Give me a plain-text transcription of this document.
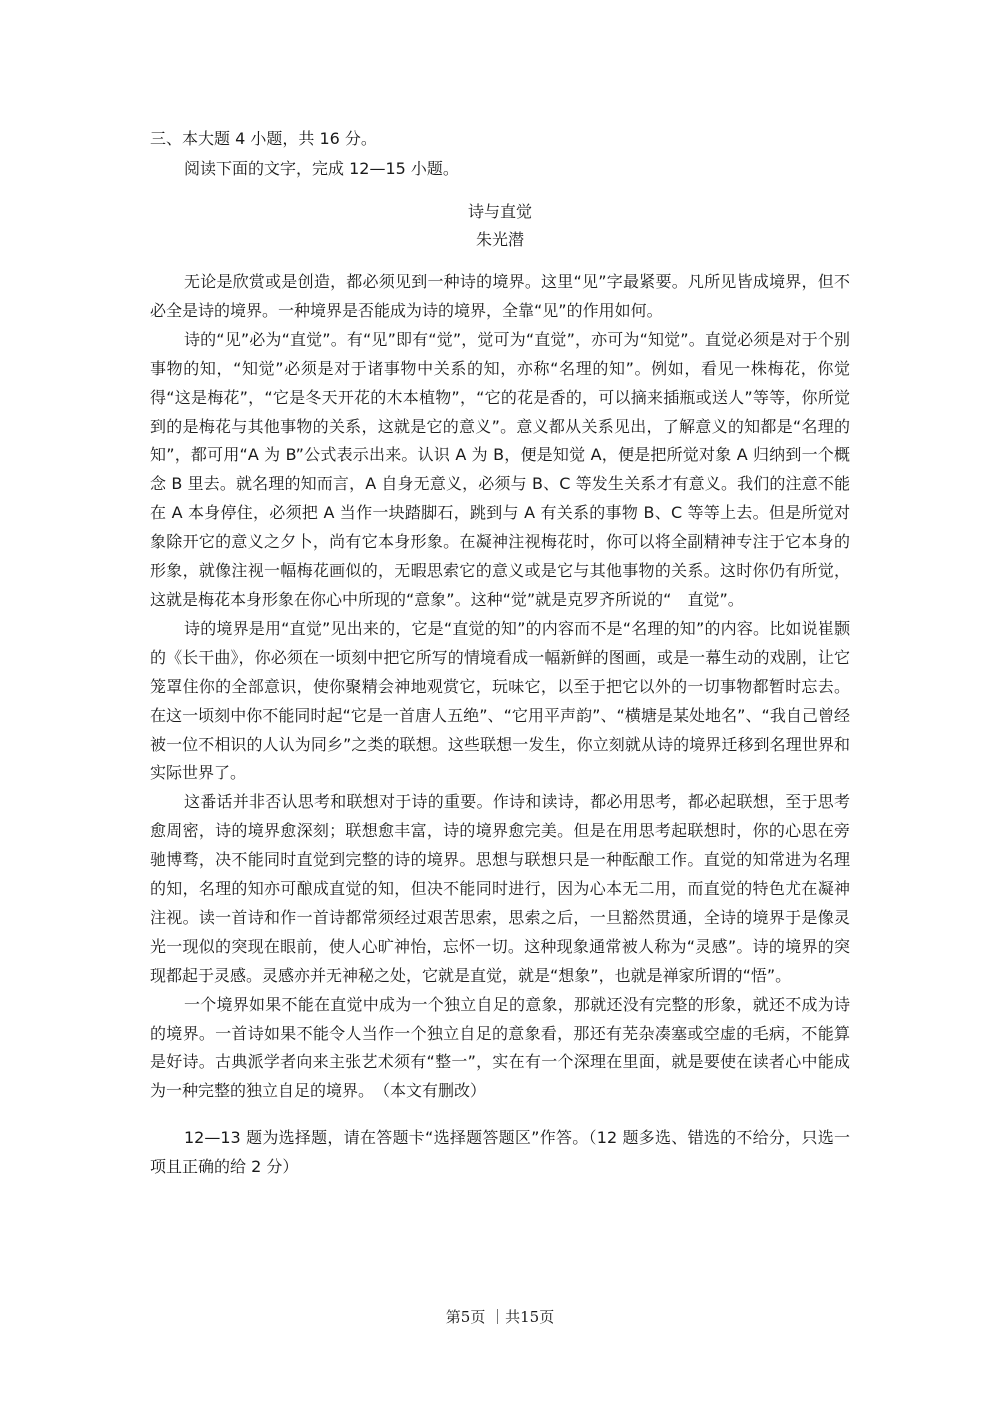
三、本大题 4 小题，共 16 分。
阅读下面的文字，完成 12—15 小题。
诗与直觉
朱光潜

无论是欣赏或是创造，都必须见到一种诗的境界。这里“见”字最紧要。凡所见皆成境界，但不必全是诗的境界。一种境界是否能成为诗的境界，全靠“见”的作用如何。

诗的“见”必为“直觉”。有“见”即有“觉”，觉可为“直觉”，亦可为“知觉”。直觉必须是对于个别事物的知，“知觉”必须是对于诸事物中关系的知，亦称“名理的知”。例如，看见一株梅花，你觉得“这是梅花”，“它是冬天开花的木本植物”，“它的花是香的，可以摘来插瓶或送人”等等，你所觉到的是梅花与其他事物的关系，这就是它的意义”。意义都从关系见出，了解意义的知都是“名理的知”，都可用“A 为 B”公式表示出来。认识 A 为 B，便是知觉 A，便是把所觉对象 A 归纳到一个概念 B 里去。就名理的知而言，A 自身无意义，必须与 B、C 等发生关系才有意义。我们的注意不能在 A 本身停住，必须把 A 当作一块踏脚石，跳到与 A 有关系的事物 B、C 等等上去。但是所觉对象除开它的意义之夕卜，尚有它本身形象。在凝神注视梅花时，你可以将全副精神专注于它本身的形象，就像注视一幅梅花画似的，无暇思索它的意义或是它与其他事物的关系。这时你仍有所觉，这就是梅花本身形象在你心中所现的“意象”。这种“觉”就是克罗齐所说的“　直觉”。

诗的境界是用“直觉”见出来的，它是“直觉的知”的内容而不是“名理的知”的内容。比如说崔颢的《长干曲》，你必须在一顷刻中把它所写的情境看成一幅新鲜的图画，或是一幕生动的戏剧，让它笼罩住你的全部意识，使你聚精会神地观赏它，玩味它，以至于把它以外的一切事物都暂时忘去。在这一顷刻中你不能同时起“它是一首唐人五绝”、“它用平声韵”、“横塘是某处地名”、“我自己曾经被一位不相识的人认为同乡”之类的联想。这些联想一发生，你立刻就从诗的境界迁移到名理世界和实际世界了。

这番话并非否认思考和联想对于诗的重要。作诗和读诗，都必用思考，都必起联想，至于思考愈周密，诗的境界愈深刻；联想愈丰富，诗的境界愈完美。但是在用思考起联想时，你的心思在旁驰博骛，决不能同时直觉到完整的诗的境界。思想与联想只是一种酝酿工作。直觉的知常进为名理的知，名理的知亦可酿成直觉的知，但决不能同时进行，因为心本无二用，而直觉的特色尤在凝神注视。读一首诗和作一首诗都常须经过艰苦思索，思索之后，一旦豁然贯通，全诗的境界于是像灵光一现似的突现在眼前，使人心旷神怡，忘怀一切。这种现象通常被人称为“灵感”。诗的境界的突现都起于灵感。灵感亦并无神秘之处，它就是直觉，就是“想象”，也就是禅家所谓的“悟”。

一个境界如果不能在直觉中成为一个独立自足的意象，那就还没有完整的形象，就还不成为诗的境界。一首诗如果不能令人当作一个独立自足的意象看，那还有芜杂凑塞或空虚的毛病，不能算是好诗。古典派学者向来主张艺术须有“整一”，实在有一个深理在里面，就是要使在读者心中能成为一种完整的独立自足的境界。　（本文有删改）

12—13 题为选择题，请在答题卡“选择题答题区”作答。（12 题多选、错选的不给分，只选一项且正确的给 2 分）

第5页 ｜共15页
